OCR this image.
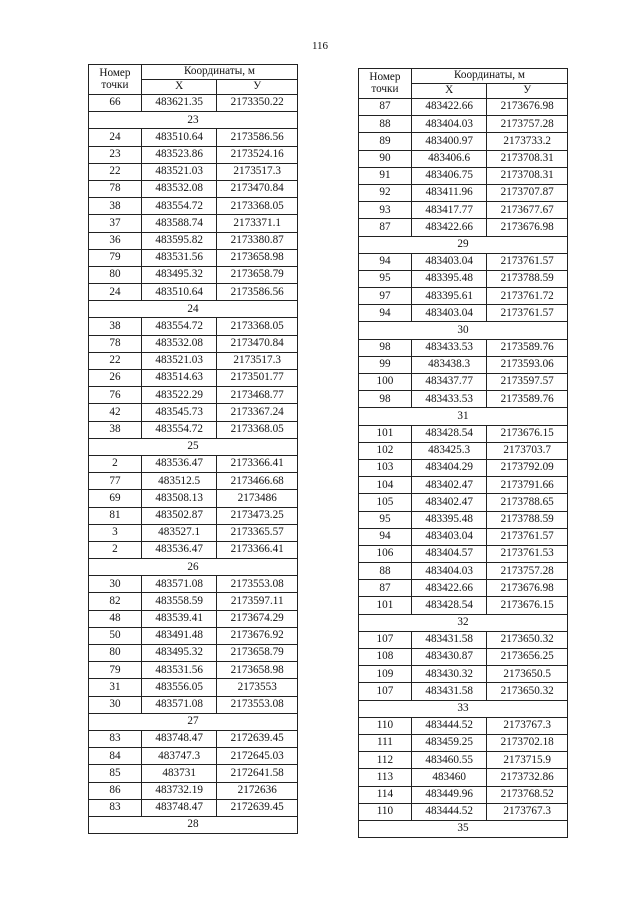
116
Номер
точки	Координаты, м	
	X	У
66	483621.35	2173350.22
23		
24	483510.64	2173586.56
23	483523.86	2173524.16
22	483521.03	2173517.3
78	483532.08	2173470.84
38	483554.72	2173368.05
37	483588.74	2173371.1
36	483595.82	2173380.87
79	483531.56	2173658.98
80	483495.32	2173658.79
24	483510.64	2173586.56
24		
38	483554.72	2173368.05
78	483532.08	2173470.84
22	483521.03	2173517.3
26	483514.63	2173501.77
76	483522.29	2173468.77
42	483545.73	2173367.24
38	483554.72	2173368.05
25		
2	483536.47	2173366.41
77	483512.5	2173466.68
69	483508.13	2173486
81	483502.87	2173473.25
3	483527.1	2173365.57
2	483536.47	2173366.41
26		
30	483571.08	2173553.08
82	483558.59	2173597.11
48	483539.41	2173674.29
50	483491.48	2173676.92
80	483495.32	2173658.79
79	483531.56	2173658.98
31	483556.05	2173553
30	483571.08	2173553.08
27		
83	483748.47	2172639.45
84	483747.3	2172645.03
85	483731	2172641.58
86	483732.19	2172636
83	483748.47	2172639.45
28		
Номер
точки	Координаты, м	
	X	У
87	483422.66	2173676.98
88	483404.03	2173757.28
89	483400.97	2173733.2
90	483406.6	2173708.31
91	483406.75	2173708.31
92	483411.96	2173707.87
93	483417.77	2173677.67
87	483422.66	2173676.98
29		
94	483403.04	2173761.57
95	483395.48	2173788.59
97	483395.61	2173761.72
94	483403.04	2173761.57
30		
98	483433.53	2173589.76
99	483438.3	2173593.06
100	483437.77	2173597.57
98	483433.53	2173589.76
31		
101	483428.54	2173676.15
102	483425.3	2173703.7
103	483404.29	2173792.09
104	483402.47	2173791.66
105	483402.47	2173788.65
95	483395.48	2173788.59
94	483403.04	2173761.57
106	483404.57	2173761.53
88	483404.03	2173757.28
87	483422.66	2173676.98
101	483428.54	2173676.15
32		
107	483431.58	2173650.32
108	483430.87	2173656.25
109	483430.32	2173650.5
107	483431.58	2173650.32
33		
110	483444.52	2173767.3
111	483459.25	2173702.18
112	483460.55	2173715.9
113	483460	2173732.86
114	483449.96	2173768.52
110	483444.52	2173767.3
35		
